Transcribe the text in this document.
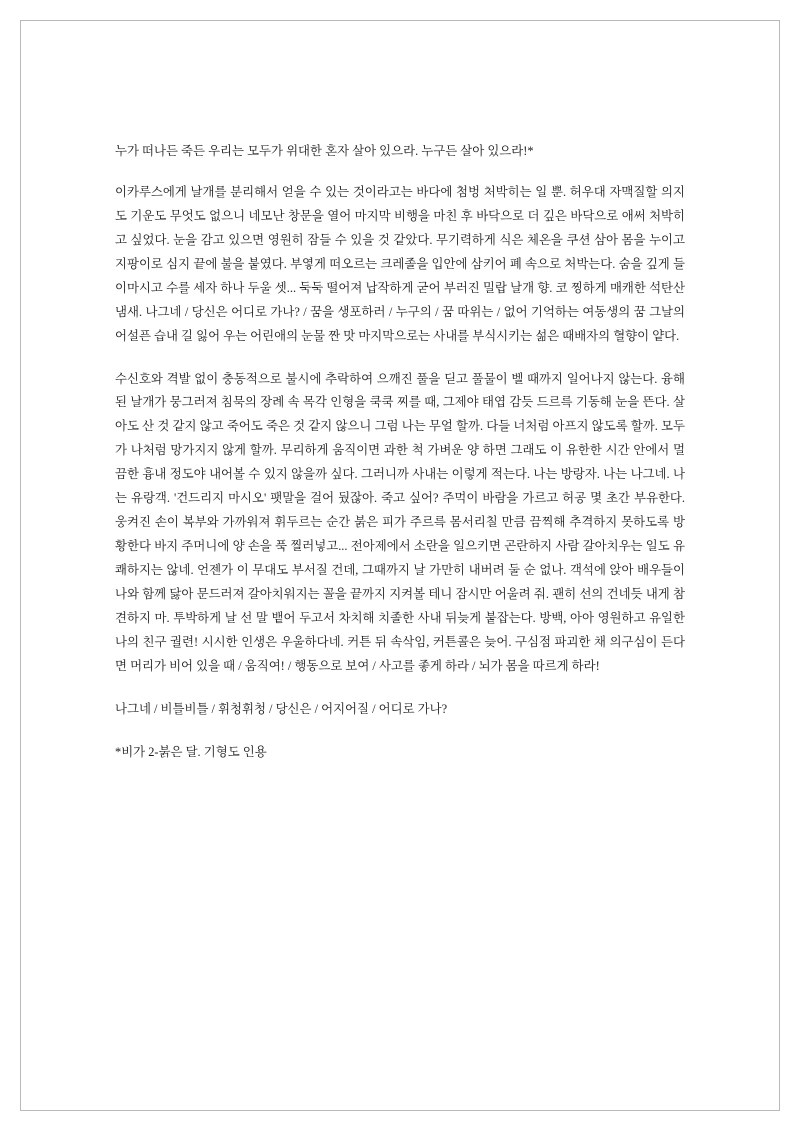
누가 떠나든 죽든 우리는 모두가 위대한 혼자 살아 있으라. 누구든 살아 있으라!*

이카루스에게 날개를 분리해서 얻을 수 있는 것이라고는 바다에 첨벙 처박히는 일 뿐. 허우대 자맥질할 의지도 기운도 무엇도 없으니 네모난 창문을 열어 마지막 비행을 마친 후 바닥으로 더 깊은 바닥으로 애써 처박히고 싶었다. 눈을 감고 있으면 영원히 잠들 수 있을 것 같았다. 무기력하게 식은 체온을 쿠션 삼아 몸을 누이고 지팡이로 심지 끝에 불을 붙였다. 부옇게 떠오르는 크레졸을 입안에 삼키어 폐 속으로 처박는다. 숨을 깊게 들이마시고 수를 세자 하나 두울 셋... 둑둑 떨어져 납작하게 굳어 부러진 밀랍 날개 향. 코 찡하게 매캐한 석탄산 냄새. 나그네 / 당신은 어디로 가나? / 꿈을 생포하러 / 누구의 / 꿈 따위는 / 없어 기억하는 여동생의 꿈 그날의 어설픈 습내 길 잃어 우는 어린애의 눈물 짠 맛 마지막으로는 사내를 부식시키는 섦은 때배자의 혈향이 얕다.

수신호와 격발 없이 충동적으로 불시에 추락하여 으깨진 풀을 딛고 풀물이 벨 때까지 일어나지 않는다. 융해된 날개가 뭉그러져 침묵의 장례 속 목각 인형을 쿡쿡 찌를 때, 그제야 태엽 감듯 드르륵 기동해 눈을 뜬다. 살아도 산 것 같지 않고 죽어도 죽은 것 같지 않으니 그럼 나는 무얼 할까. 다들 너처럼 아프지 않도록 할까. 모두가 나처럼 망가지지 않게 할까. 무리하게 움직이면 과한 척 가벼운 양 하면 그래도 이 유한한 시간 안에서 멀끔한 흉내 정도야 내어볼 수 있지 않을까 싶다. 그러니까 사내는 이렇게 적는다. 나는 방랑자. 나는 나그네. 나는 유랑객. '건드리지 마시오' 팻말을 걸어 뒀잖아. 죽고 싶어? 주먹이 바람을 가르고 허공 몇 초간 부유한다. 웅켜진 손이 복부와 가까워져 휘두르는 순간 붉은 피가 주르륵 몸서리칠 만큼 끔찍해 추격하지 못하도록 방황한다 바지 주머니에 양 손을 푹 찔러넣고... 전아제에서 소란을 일으키면 곤란하지 사람 갈아치우는 일도 유쾌하지는 않네. 언젠가 이 무대도 부서질 건데, 그때까지 날 가만히 내버려 둘 순 없나. 객석에 앉아 배우들이 나와 함께 닳아 문드러져 갈아치워지는 꼴을 끝까지 지켜볼 테니 잠시만 어울려 줘. 괜히 선의 건네듯 내게 참견하지 마. 투박하게 날 선 말 뱉어 두고서 차치해 치졸한 사내 뒤늦게 붙잡는다. 방백, 아아 영원하고 유일한 나의 친구 궐련! 시시한 인생은 우울하다네. 커튼 뒤 속삭임, 커튼콜은 늦어. 구심점 파괴한 채 의구심이 든다면 머리가 비어 있을 때 / 움직여! / 행동으로 보여 / 사고를 좋게 하라 / 뇌가 몸을 따르게 하라!

나그네 / 비틀비틀 / 휘청휘청 / 당신은 / 어지어질 / 어디로 가나?

*비가 2-붉은 달. 기형도 인용
